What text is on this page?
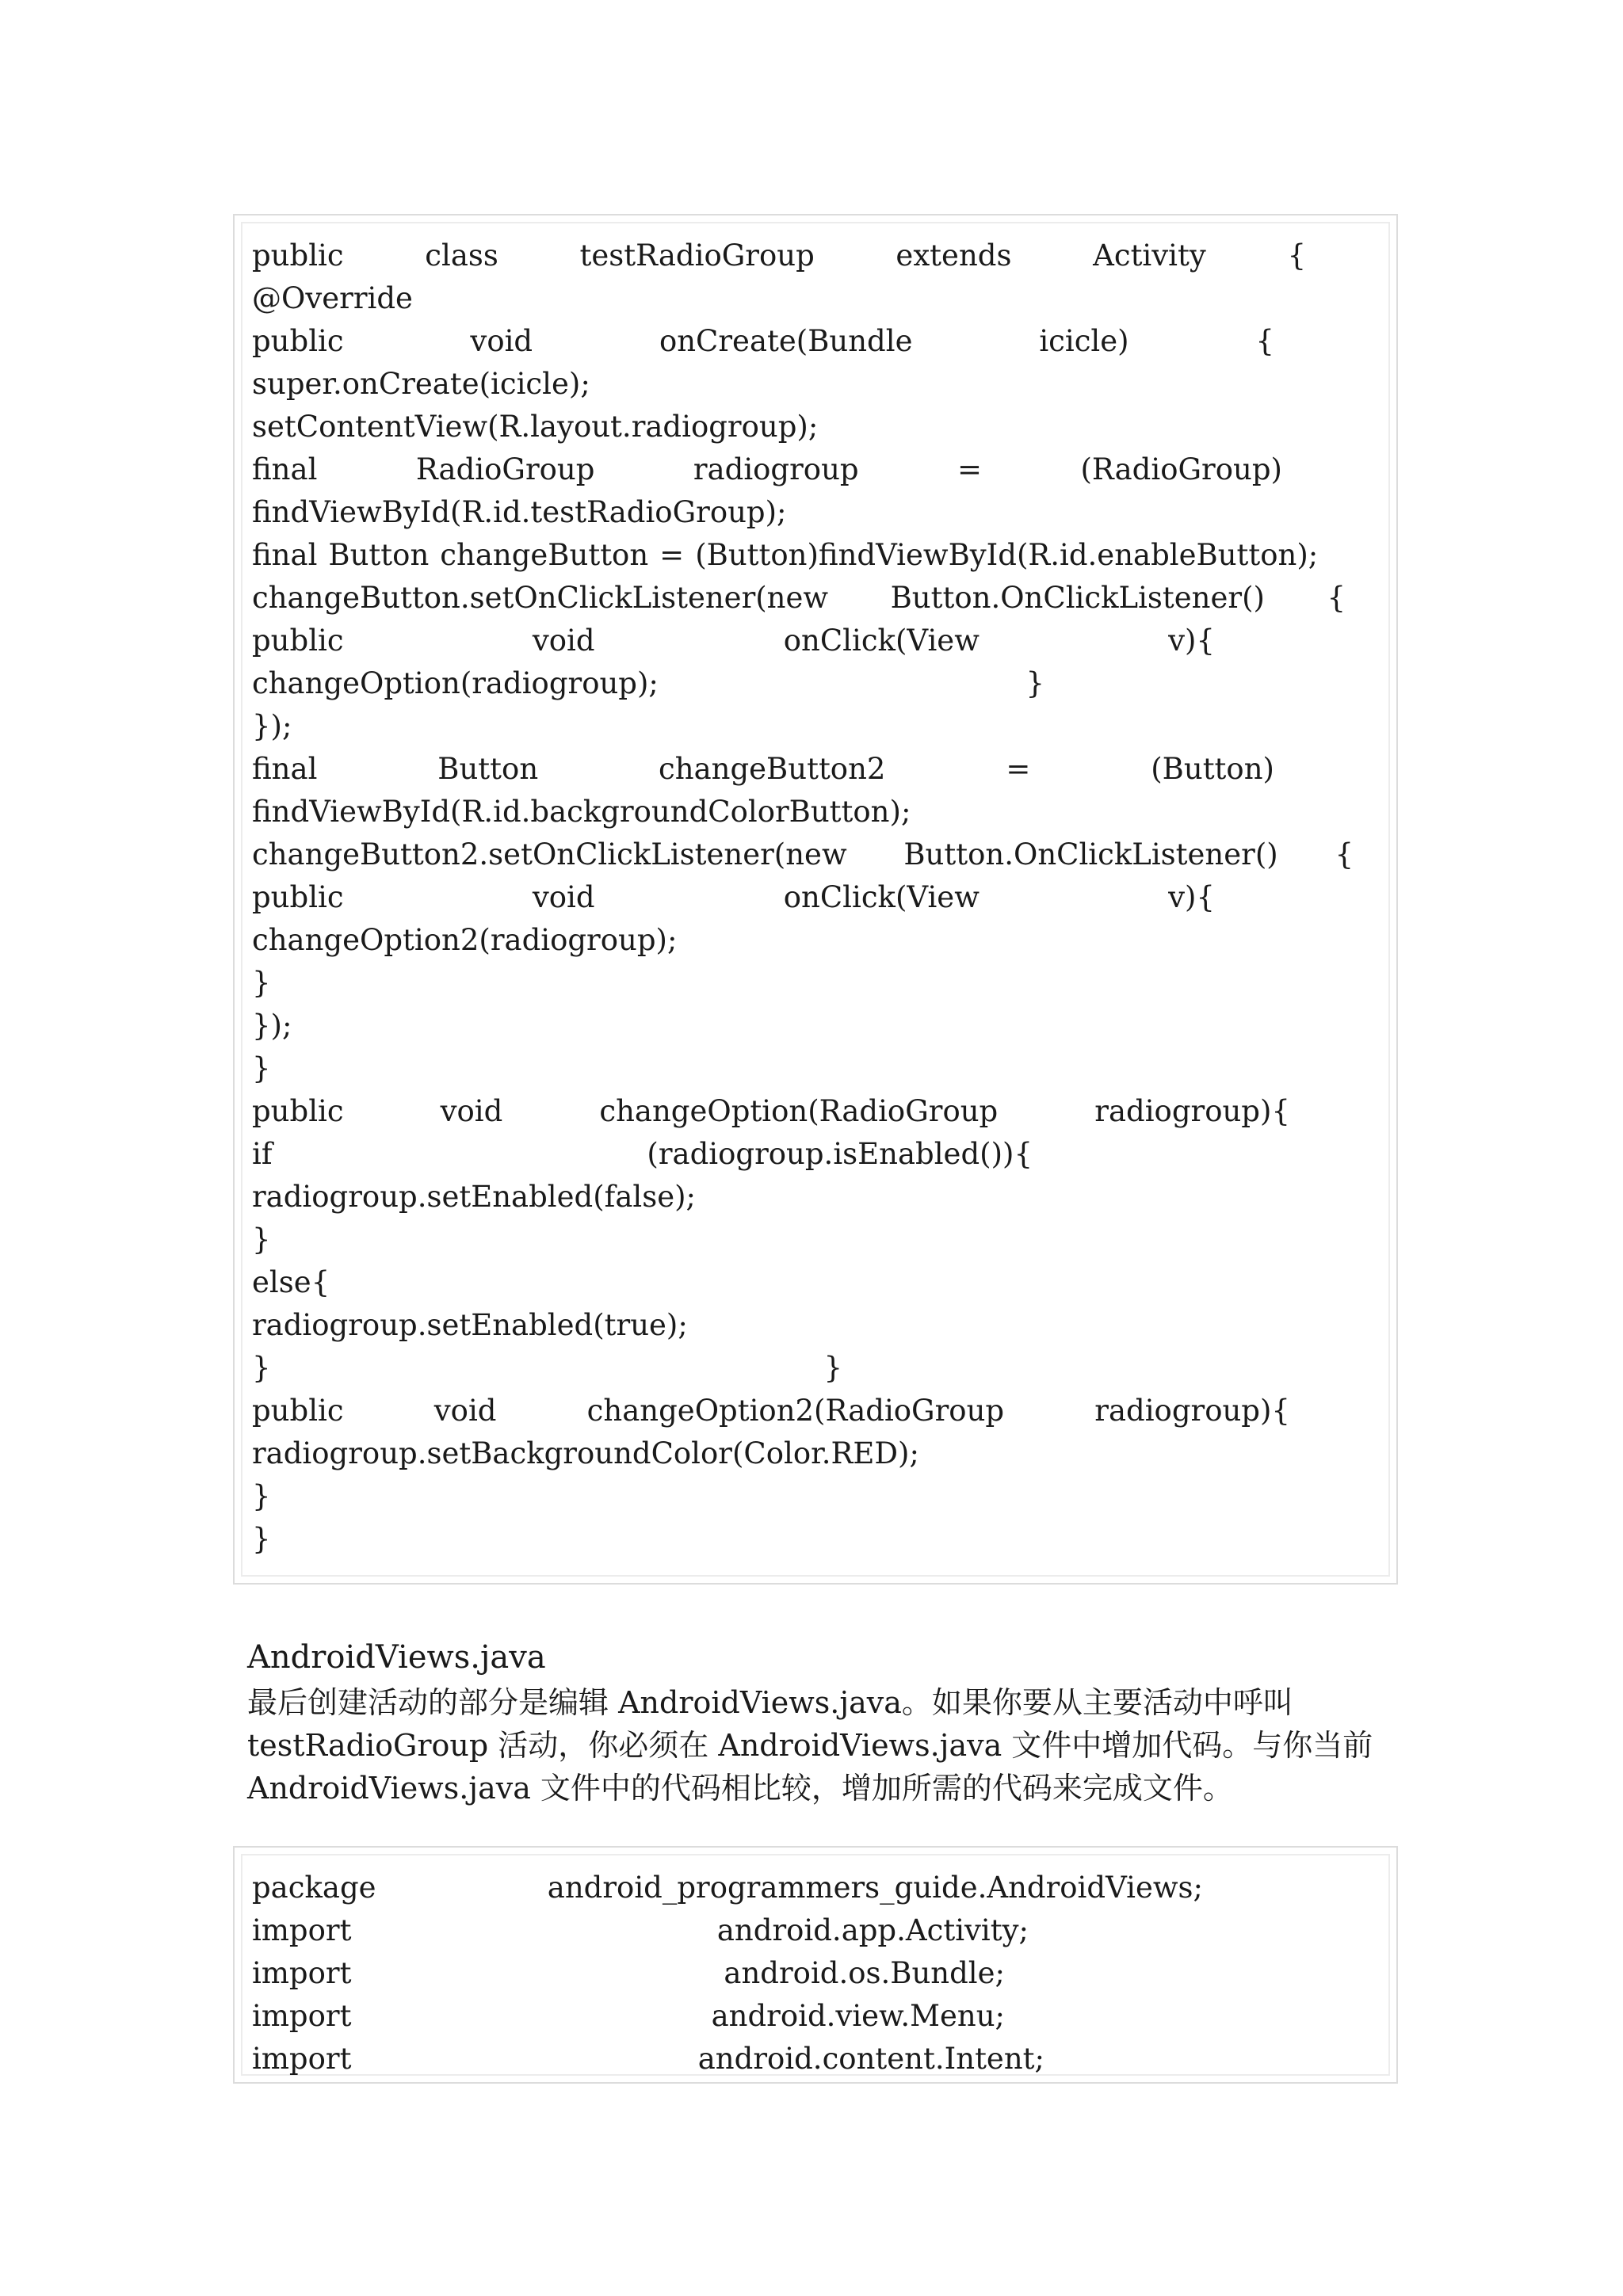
public	class	testRadioGroup	extends	Activity	{
@Override
public	void	onCreate(Bundle	icicle)	{
super.onCreate(icicle);
setContentView(R.layout.radiogroup);
final	RadioGroup	radiogroup	=	(RadioGroup)
findViewById(R.id.testRadioGroup);
final Button changeButton = (Button)findViewById(R.id.enableButton);
changeButton.setOnClickListener(new Button.OnClickListener() {
public	void	onClick(View	v){
changeOption(radiogroup);	}
});
final	Button	changeButton2	=	(Button)
findViewById(R.id.backgroundColorButton);
changeButton2.setOnClickListener(new Button.OnClickListener() {
public	void	onClick(View	v){
changeOption2(radiogroup);
}
});
}
public	void	changeOption(RadioGroup	radiogroup){
if	(radiogroup.isEnabled()){
radiogroup.setEnabled(false);
}
else{
radiogroup.setEnabled(true);
}	}
public	void	changeOption2(RadioGroup	radiogroup){
radiogroup.setBackgroundColor(Color.RED);
}
}
AndroidViews.java
最后创建活动的部分是编辑 AndroidViews.java。如果你要从主要活动中呼叫
testRadioGroup 活动，你必须在 AndroidViews.java 文件中增加代码。与你当前
AndroidViews.java 文件中的代码相比较，增加所需的代码来完成文件。
package	android_programmers_guide.AndroidViews;
import	android.app.Activity;
import	android.os.Bundle;
import	android.view.Menu;
import	android.content.Intent;
